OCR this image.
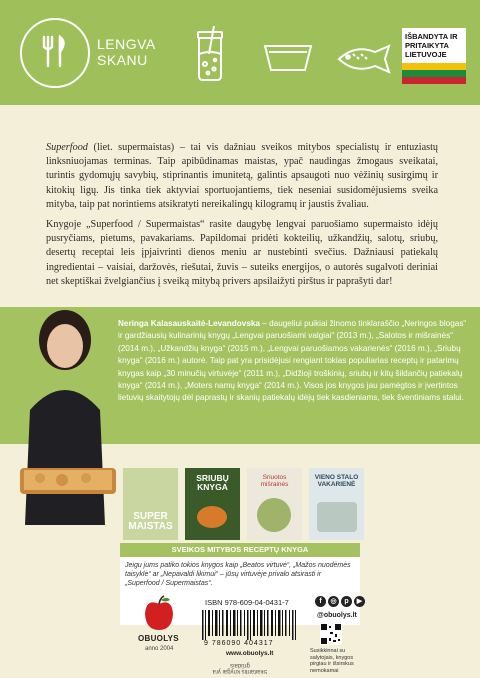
LENGVA
SKANU
IŠBANDYTA IR PRITAIKYTA LIETUVOJE

Superfood (liet. supermaistas) – tai vis dažniau sveikos mitybos specialistų ir entuziastų linksniuojamas terminas. Taip apibūdinamas maistas, ypač naudingas žmogaus sveikatai, turintis gydomųjų savybių, stiprinantis imunitetą, galintis apsaugoti nuo vėžinių susirgimų ir kitokių ligų. Jis tinka tiek aktyviai sportuojantiems, tiek neseniai susidomėjusiems sveika mityba, taip pat norintiems atsikratyti nereikalingų kilogramų ir jaustis žvaliau.

Knygoje „Superfood / Supermaistas“ rasite daugybę lengvai paruošiamo supermaisto idėjų pusryčiams, pietums, pavakariams. Papildomai pridėti kokteilių, užkandžių, salotų, sriubų, desertų receptai leis įpjaivrinti dienos meniu ar nustebinti svečius. Dažniausi patiekalų ingredientai – vaisiai, daržovės, riešutai, žuvis – suteiks energijos, o autorės sugalvoti deriniai net skeptiškai žvelgiančius į sveiką mitybą privers apsilaižyti pirštus ir paprašyti dar!

Neringa Kalasauskaitė-Levandovska – daugeliui puikiai žinomo tinklaraščio „Neringos blogas“ ir gardžiausių kulinarinių knygų „Lengvai paruošiami valgiai“ (2013 m.), „Salotos ir mišrainės“ (2014 m.), „Užkandžių knyga“ (2015 m.), „Lengvai paruošiamos vakarienės“ (2016 m.), „Sriubų knyga“ (2016 m.) autorė. Taip pat yra prisidėjusi rengiant tokias populiarias receptų ir patarimų knygas kaip „30 minučių virtuvėje“ (2011 m.), „Didžioji troškinių, sriubų ir kitų šildančių patiekalų knyga“ (2014 m.), „Moters namų knyga“ (2014 m.). Visos jos knygos jau pamėgtos ir įvertintos lietuvių skaitytojų dėl paprastų ir skanių patiekalų idėjų tiek kasdieniams, tiek šventiniams stalui.
SUPER MAISTAS
SRIUBŲ KNYGA
Sriuotos mišrainės
VIENO STALO VAKARIENĖ
SVEIKOS MITYBOS RECEPTŲ KNYGA
Jeigu jums patiko tokios knygos kaip „Beatos virtuvė“, „Mažos nuodėmės taisyklė“ ar „Nepavaldi likimui“ – jūsų virtuvėje privalo atsirasti ir „Superfood / Supermaistas“.
OBUOLYS
anno 2004
ISBN 978-609-04-0431-7
9 786090 404317
www.obuolys.lt
f	◎	p	▶
@obuolys.lt
Susikkinnai su salytojais, knygos pirgiau ir išsirskus nemokamai
Skaitantis knygai yra grūdais
